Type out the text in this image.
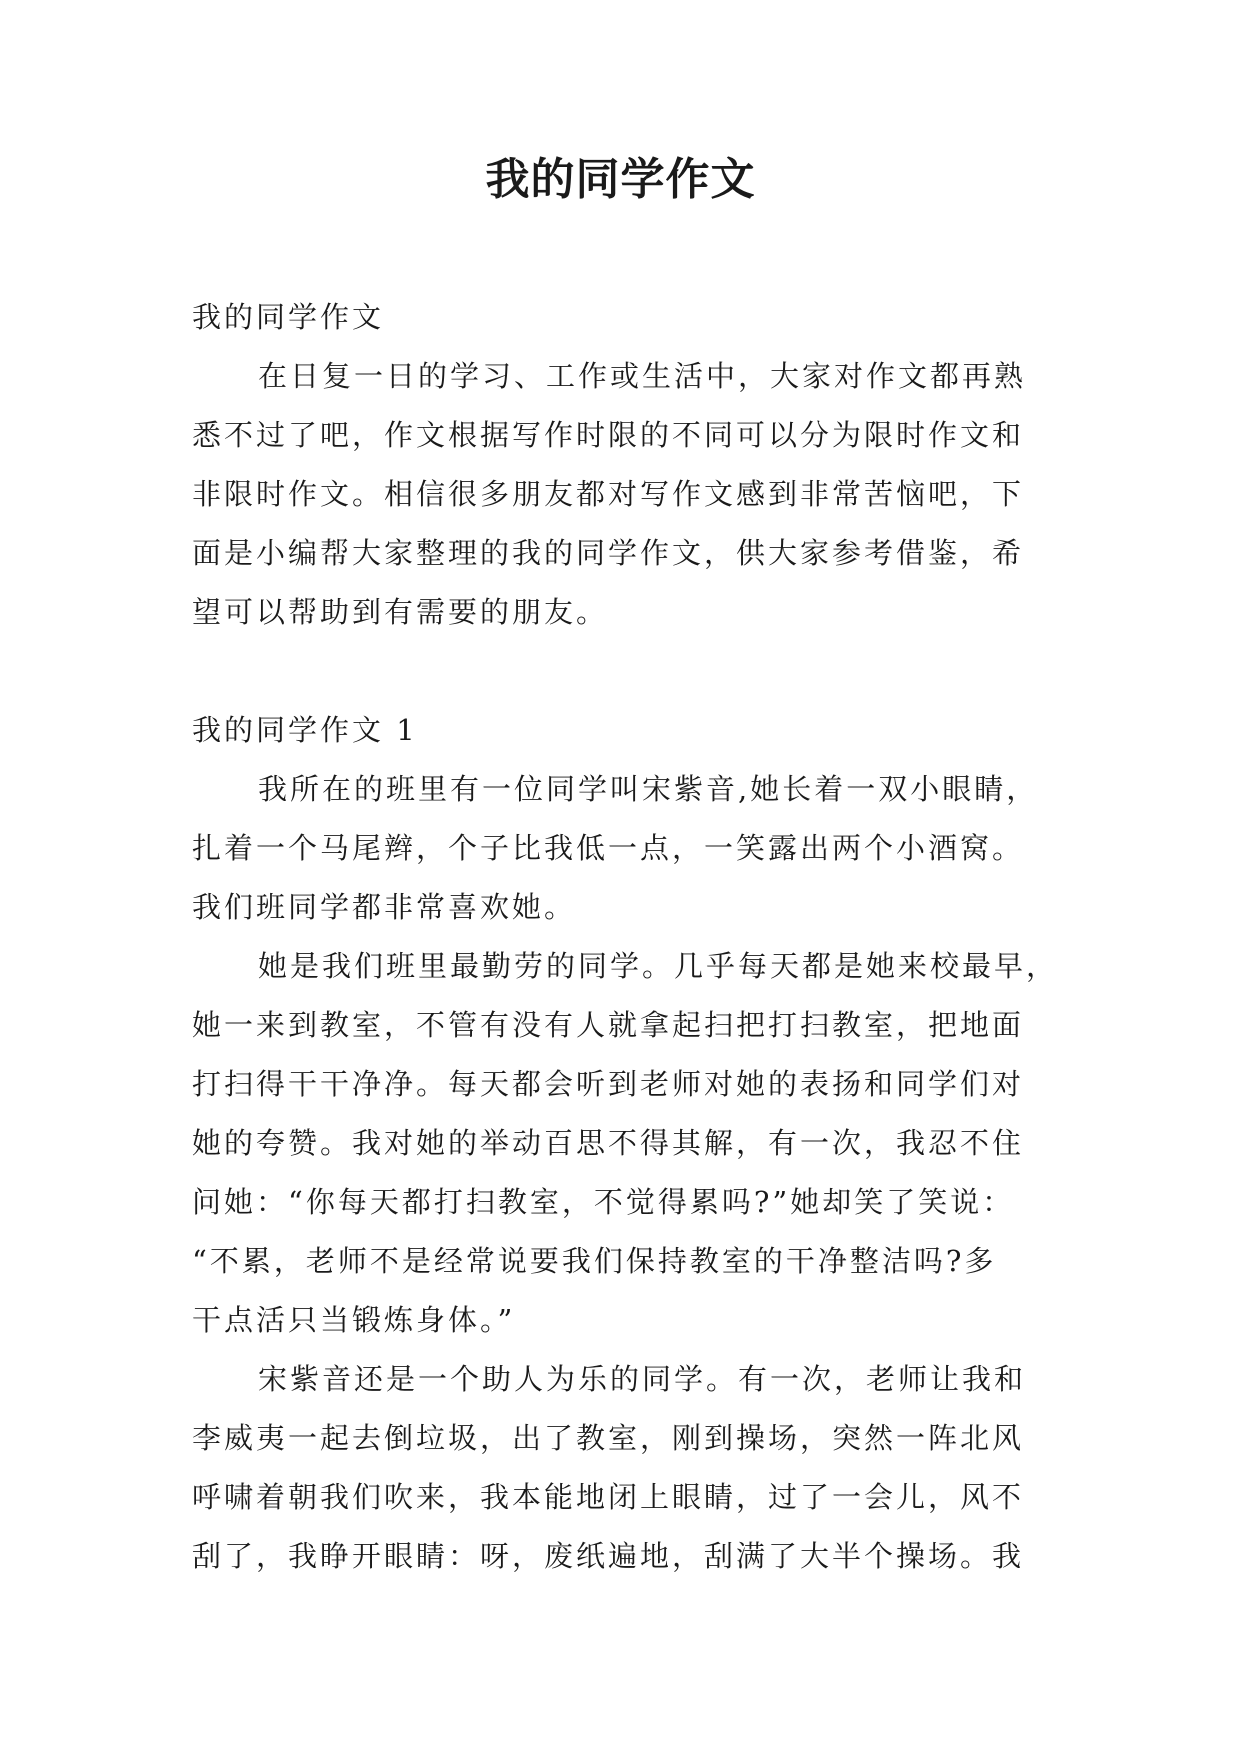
我的同学作文

我的同学作文

在日复一日的学习、工作或生活中，大家对作文都再熟

悉不过了吧，作文根据写作时限的不同可以分为限时作文和

非限时作文。相信很多朋友都对写作文感到非常苦恼吧，下

面是小编帮大家整理的我的同学作文，供大家参考借鉴，希

望可以帮助到有需要的朋友。

我的同学作文 1

我所在的班里有一位同学叫宋紫音,她长着一双小眼睛，

扎着一个马尾辫，个子比我低一点，一笑露出两个小酒窝。

我们班同学都非常喜欢她。

她是我们班里最勤劳的同学。几乎每天都是她来校最早，

她一来到教室，不管有没有人就拿起扫把打扫教室，把地面

打扫得干干净净。每天都会听到老师对她的表扬和同学们对

她的夸赞。我对她的举动百思不得其解，有一次，我忍不住

问她：“你每天都打扫教室，不觉得累吗?”她却笑了笑说：

“不累，老师不是经常说要我们保持教室的干净整洁吗?多

干点活只当锻炼身体。”

宋紫音还是一个助人为乐的同学。有一次，老师让我和

李威夷一起去倒垃圾，出了教室，刚到操场，突然一阵北风

呼啸着朝我们吹来，我本能地闭上眼睛，过了一会儿，风不

刮了，我睁开眼睛：呀，废纸遍地，刮满了大半个操场。我
